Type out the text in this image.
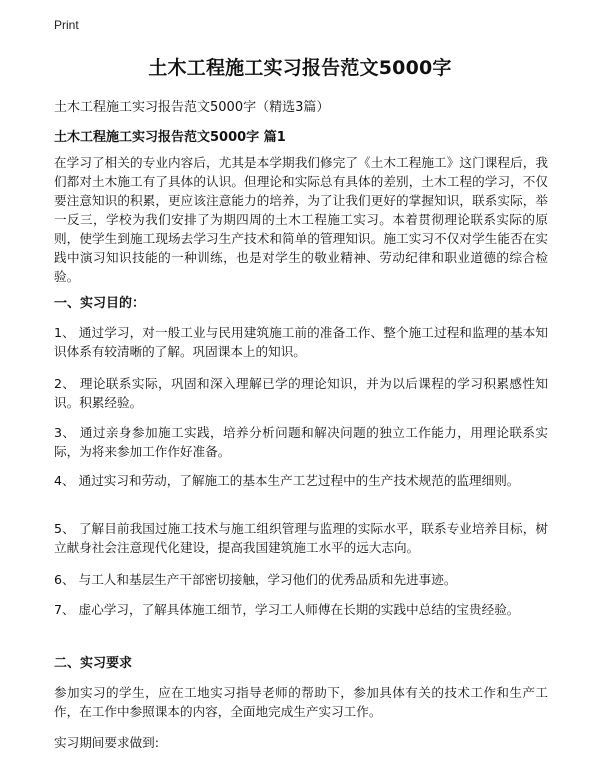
Print
土木工程施工实习报告范文5000字
土木工程施工实习报告范文5000字（精选3篇）
土木工程施工实习报告范文5000字 篇1

在学习了相关的专业内容后，尤其是本学期我们修完了《土木工程施工》这门课程后，我们都对土木施工有了具体的认识。但理论和实际总有具体的差别，土木工程的学习，不仅要注意知识的积累，更应该注意能力的培养，为了让我们更好的掌握知识，联系实际，举一反三，学校为我们安排了为期四周的土木工程施工实习。本着贯彻理论联系实际的原则，使学生到施工现场去学习生产技术和简单的管理知识。施工实习不仅对学生能否在实践中演习知识技能的一种训练，也是对学生的敬业精神、劳动纪律和职业道德的综合检验。

一、实习目的：

1、 通过学习，对一般工业与民用建筑施工前的准备工作、整个施工过程和监理的基本知识体系有较清晰的了解。巩固课本上的知识。

2、 理论联系实际，巩固和深入理解已学的理论知识，并为以后课程的学习积累感性知识。积累经验。

3、 通过亲身参加施工实践，培养分析问题和解决问题的独立工作能力，用理论联系实际，为将来参加工作作好准备。

4、 通过实习和劳动，了解施工的基本生产工艺过程中的生产技术规范的监理细则。

5、 了解目前我国过施工技术与施工组织管理与监理的实际水平，联系专业培养目标，树立献身社会注意现代化建设，提高我国建筑施工水平的远大志向。

6、 与工人和基层生产干部密切接触，学习他们的优秀品质和先进事迹。

7、 虚心学习，了解具体施工细节，学习工人师傅在长期的实践中总结的宝贵经验。

二、实习要求

参加实习的学生，应在工地实习指导老师的帮助下，参加具体有关的技术工作和生产工作，在工作中参照课本的内容，全面地完成生产实习工作。

实习期间要求做到:
